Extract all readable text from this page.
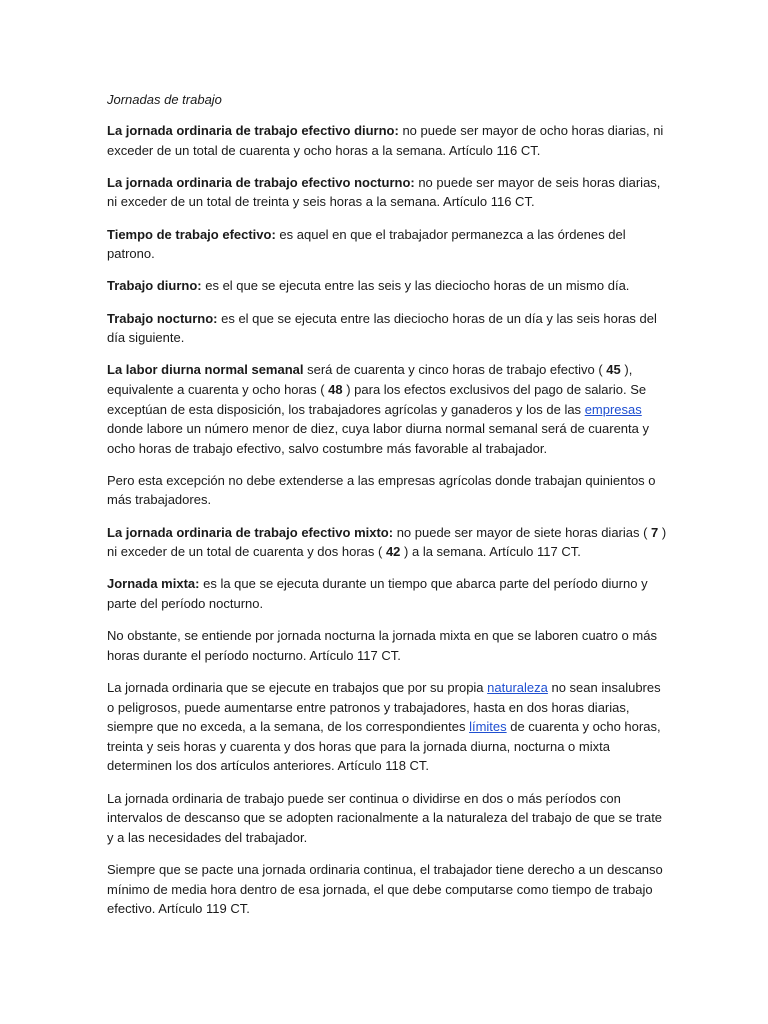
Jornadas de trabajo

La jornada ordinaria de trabajo efectivo diurno: no puede ser mayor de ocho horas diarias, ni exceder de un total de cuarenta y ocho horas a la semana. Artículo 116 CT.

La jornada ordinaria de trabajo efectivo nocturno: no puede ser mayor de seis horas diarias, ni exceder de un total de treinta y seis horas a la semana. Artículo 116 CT.

Tiempo de trabajo efectivo: es aquel en que el trabajador permanezca a las órdenes del patrono.

Trabajo diurno: es el que se ejecuta entre las seis y las dieciocho horas de un mismo día.

Trabajo nocturno: es el que se ejecuta entre las dieciocho horas de un día y las seis horas del día siguiente.

La labor diurna normal semanal será de cuarenta y cinco horas de trabajo efectivo ( 45 ), equivalente a cuarenta y ocho horas ( 48 ) para los efectos exclusivos del pago de salario. Se exceptúan de esta disposición, los trabajadores agrícolas y ganaderos y los de las empresas donde labore un número menor de diez, cuya labor diurna normal semanal será de cuarenta y ocho horas de trabajo efectivo, salvo costumbre más favorable al trabajador.

Pero esta excepción no debe extenderse a las empresas agrícolas donde trabajan quinientos o más trabajadores.

La jornada ordinaria de trabajo efectivo mixto: no puede ser mayor de siete horas diarias ( 7 ) ni exceder de un total de cuarenta y dos horas ( 42 ) a la semana. Artículo 117 CT.

Jornada mixta: es la que se ejecuta durante un tiempo que abarca parte del período diurno y parte del período nocturno.

No obstante, se entiende por jornada nocturna la jornada mixta en que se laboren cuatro o más horas durante el período nocturno. Artículo 117 CT.

La jornada ordinaria que se ejecute en trabajos que por su propia naturaleza no sean insalubres o peligrosos, puede aumentarse entre patronos y trabajadores, hasta en dos horas diarias, siempre que no exceda, a la semana, de los correspondientes límites de cuarenta y ocho horas, treinta y seis horas y cuarenta y dos horas que para la jornada diurna, nocturna o mixta determinen los dos artículos anteriores. Artículo 118 CT.

La jornada ordinaria de trabajo puede ser continua o dividirse en dos o más períodos con intervalos de descanso que se adopten racionalmente a la naturaleza del trabajo de que se trate y a las necesidades del trabajador.

Siempre que se pacte una jornada ordinaria continua, el trabajador tiene derecho a un descanso mínimo de media hora dentro de esa jornada, el que debe computarse como tiempo de trabajo efectivo. Artículo 119 CT.
